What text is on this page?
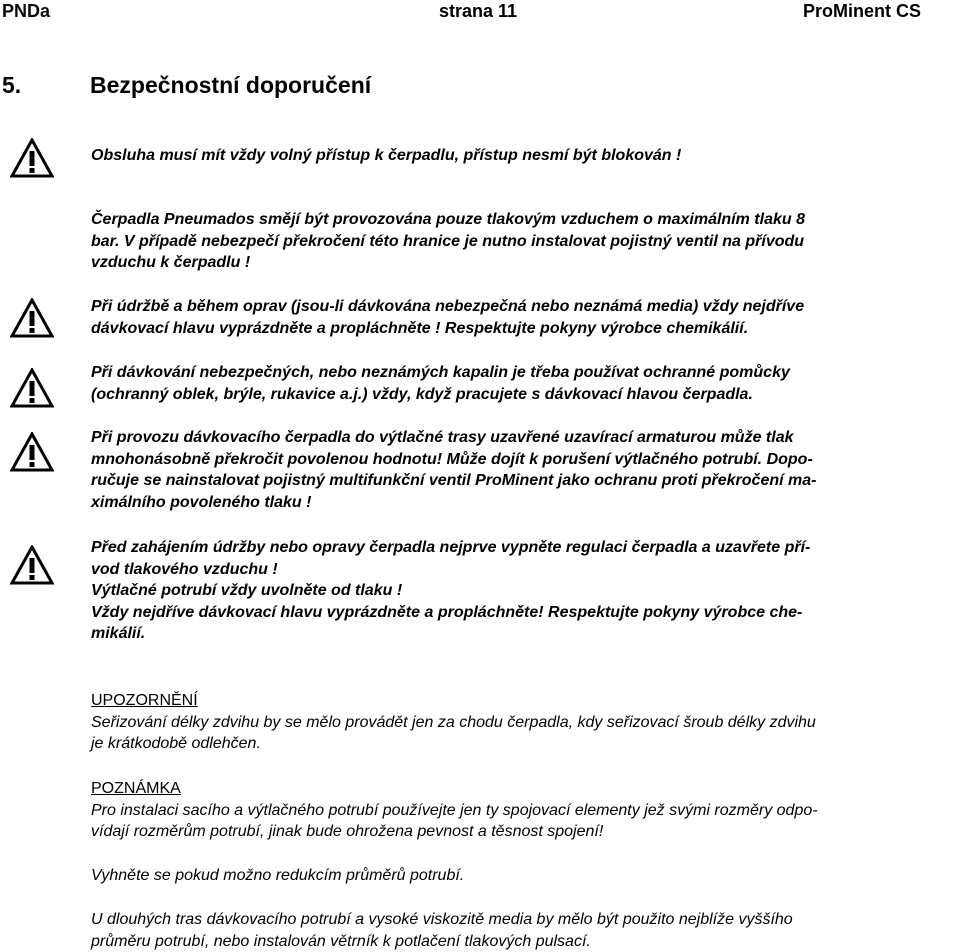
PNDa	strana 11	ProMinent CS
5.	Bezpečnostní doporučení
Obsluha musí mít vždy volný přístup k čerpadlu, přístup nesmí být blokován !
Čerpadla Pneumados smějí být provozována pouze tlakovým vzduchem o maximálním tlaku 8
bar. V případě nebezpečí překročení této hranice je nutno instalovat pojistný ventil na přívodu
vzduchu k čerpadlu !
Při údržbě a během oprav (jsou-li dávkována nebezpečná nebo neznámá media) vždy nejdříve
dávkovací hlavu vyprázdněte a propláchněte ! Respektujte pokyny výrobce chemikálií.
Při dávkování nebezpečných, nebo neznámých kapalin je třeba používat ochranné pomůcky
(ochranný oblek, brýle, rukavice a.j.) vždy, když pracujete s dávkovací hlavou čerpadla.
Při provozu dávkovacího čerpadla do výtlačné trasy uzavřené uzavírací armaturou může tlak
mnohonásobně překročit povolenou hodnotu! Může dojít k porušení výtlačného potrubí. Dopo-
ručuje se nainstalovat pojistný multifunkční ventil ProMinent jako ochranu proti překročení ma-
ximálního povoleného tlaku !
Před zahájením údržby nebo opravy čerpadla nejprve vypněte regulaci čerpadla a uzavřete pří-
vod tlakového vzduchu !
Výtlačné potrubí vždy uvolněte od tlaku !
Vždy nejdříve dávkovací hlavu vyprázdněte a propláchněte! Respektujte pokyny výrobce che-
mikálií.
UPOZORNĚNÍ
Seřizování délky zdvihu by se mělo provádět jen za chodu čerpadla, kdy seřizovací šroub délky zdvihu
je krátkodobě odlehčen.
POZNÁMKA
Pro instalaci sacího a výtlačného potrubí používejte jen ty spojovací elementy jež svými rozměry odpo-
vídají rozměrům potrubí, jinak bude ohrožena pevnost a těsnost spojení!
Vyhněte se pokud možno redukcím průměrů potrubí.
U dlouhých tras dávkovacího potrubí a vysoké viskozitě media by mělo být použito nejblíže vyššího
průměru potrubí, nebo instalován větrník k potlačení tlakových pulsací.
